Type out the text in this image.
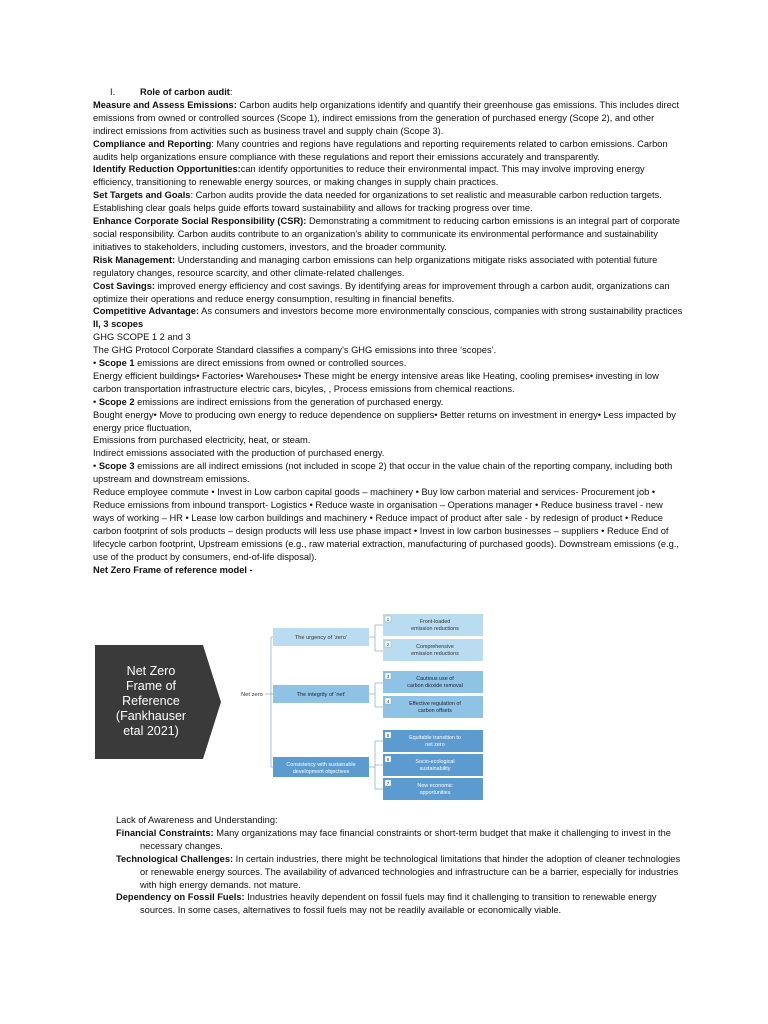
I.	Role of carbon audit:

Measure and Assess Emissions: Carbon audits help organizations identify and quantify their greenhouse gas emissions. This includes direct emissions from owned or controlled sources (Scope 1), indirect emissions from the generation of purchased energy (Scope 2), and other indirect emissions from activities such as business travel and supply chain (Scope 3).

Compliance and Reporting: Many countries and regions have regulations and reporting requirements related to carbon emissions. Carbon audits help organizations ensure compliance with these regulations and report their emissions accurately and transparently.

Identify Reduction Opportunities:can identify opportunities to reduce their environmental impact. This may involve improving energy efficiency, transitioning to renewable energy sources, or making changes in supply chain practices.

Set Targets and Goals: Carbon audits provide the data needed for organizations to set realistic and measurable carbon reduction targets. Establishing clear goals helps guide efforts toward sustainability and allows for tracking progress over time.

Enhance Corporate Social Responsibility (CSR): Demonstrating a commitment to reducing carbon emissions is an integral part of corporate social responsibility. Carbon audits contribute to an organization's ability to communicate its environmental performance and sustainability initiatives to stakeholders, including customers, investors, and the broader community.

Risk Management: Understanding and managing carbon emissions can help organizations mitigate risks associated with potential future regulatory changes, resource scarcity, and other climate-related challenges.

Cost Savings: improved energy efficiency and cost savings. By identifying areas for improvement through a carbon audit, organizations can optimize their operations and reduce energy consumption, resulting in financial benefits.

Competitive Advantage: As consumers and investors become more environmentally conscious, companies with strong sustainability practices

II, 3 scopes

GHG SCOPE 1 2 and 3

The GHG Protocol Corporate Standard classifies a company's GHG emissions into three ‘scopes’.

• Scope 1 emissions are direct emissions from owned or controlled sources.

Energy efficient buildings• Factories• Warehouses• These might be energy intensive areas like Heating, cooling premises• investing in low carbon transportation infrastructure electric cars, bicyles, , Process emissions from chemical reactions.

• Scope 2 emissions are indirect emissions from the generation of purchased energy.

Bought energy• Move to producing own energy to reduce dependence on suppliers• Better returns on investment in energy• Less impacted by energy price fluctuation,

Emissions from purchased electricity, heat, or steam.

Indirect emissions associated with the production of purchased energy.

• Scope 3 emissions are all indirect emissions (not included in scope 2) that occur in the value chain of the reporting company, including both upstream and downstream emissions.

Reduce employee commute • Invest in Low carbon capital goods – machinery • Buy low carbon material and services- Procurement job • Reduce emissions from inbound transport- Logistics • Reduce waste in organisation – Operations manager • Reduce business travel - new ways of working – HR • Lease low carbon buildings and machinery • Reduce impact of product after sale - by redesign of product • Reduce carbon footprint of sols products – design products will less use phase impact • Invest in low carbon businesses – suppliers • Reduce End of lifecycle carbon footprint, Upstream emissions (e.g., raw material extraction, manufacturing of purchased goods). Downstream emissions (e.g., use of the product by consumers, end-of-life disposal).

Net Zero Frame of reference model -

Net Zero
Frame of
Reference
(Fankhauser
etal 2021)
Net zero
The urgency of ‘zero’
1	Front-loaded
emission reductions
2	Comprehensive
emission reductions
The integrity of ‘net’
3	Cautious use of
carbon dioxide removal
4	Effective regulation of
carbon offsets
Consistency with sustainable
development objectives
5	Equitable transition to
net zero
6	Socio-ecological
sustainability
7	New economic
opportunities

Lack of Awareness and Understanding:

Financial Constraints: Many organizations may face financial constraints or short-term budget that make it challenging to invest in the necessary changes.

Technological Challenges: In certain industries, there might be technological limitations that hinder the adoption of cleaner technologies or renewable energy sources. The availability of advanced technologies and infrastructure can be a barrier, especially for industries with high energy demands. not mature.

Dependency on Fossil Fuels: Industries heavily dependent on fossil fuels may find it challenging to transition to renewable energy sources. In some cases, alternatives to fossil fuels may not be readily available or economically viable.
